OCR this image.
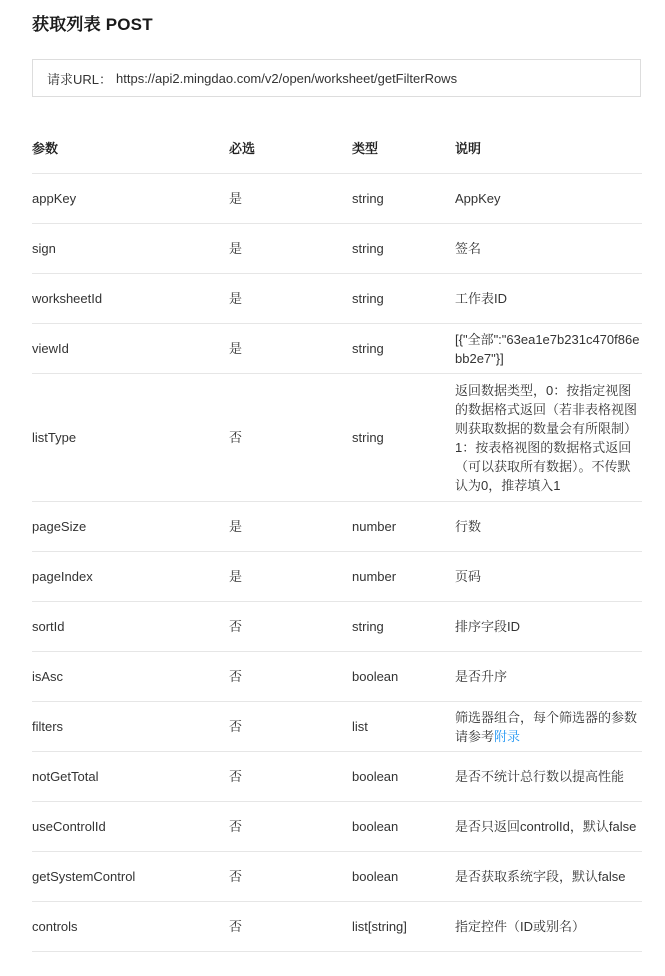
获取列表 POST
请求URL： https://api2.mingdao.com/v2/open/worksheet/getFilterRows
参数	必选	类型	说明
appKey	是	string	AppKey

sign	是	string	签名

worksheetId	是	string	工作表ID

viewId	是	string	[{"全部":"63ea1e7b231c470f86ebb2e7"}]

listType	否	string	返回数据类型，0：按指定视图的数据格式返回（若非表格视图则获取数据的数量会有所限制） 1：按表格视图的数据格式返回（可以获取所有数据）。不传默认为0，推荐填入1

pageSize	是	number	行数

pageIndex	是	number	页码

sortId	否	string	排序字段ID

isAsc	否	boolean	是否升序

filters	否	list	筛选器组合，每个筛选器的参数请参考附录

notGetTotal	否	boolean	是否不统计总行数以提高性能

useControlId	否	boolean	是否只返回controlId，默认false

getSystemControl	否	boolean	是否获取系统字段，默认false

controls	否	list[string]	指定控件（ID或别名）
